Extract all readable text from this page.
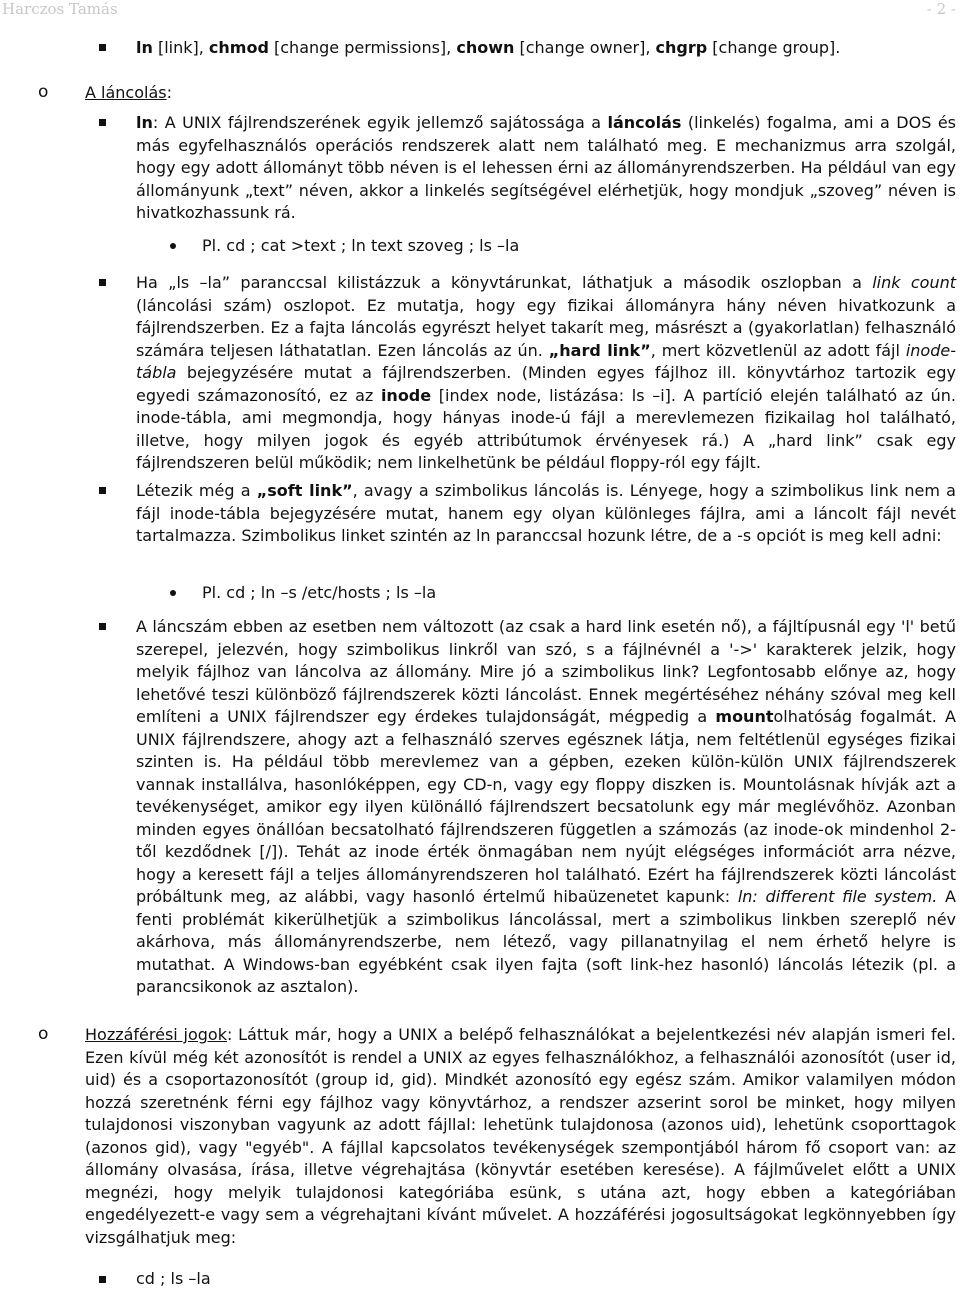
Harczos Tamás	- 2 -
ln [link], chmod [change permissions], chown [change owner], chgrp [change group].
o A láncolás:
ln: A UNIX fájlrendszerének egyik jellemző sajátossága a láncolás (linkelés) fogalma, ami a DOS és más egyfelhasználós operációs rendszerek alatt nem található meg. E mechanizmus arra szolgál, hogy egy adott állományt több néven is el lehessen érni az állományrendszerben. Ha például van egy állományunk „text” néven, akkor a linkelés segítségével elérhetjük, hogy mondjuk „szoveg” néven is hivatkozhassunk rá.
Pl. cd ; cat >text ; ln text szoveg ; ls –la
Ha „ls –la” paranccsal kilistázzuk a könyvtárunkat, láthatjuk a második oszlopban a link count (láncolási szám) oszlopot. Ez mutatja, hogy egy fizikai állományra hány néven hivatkozunk a fájlrendszerben. Ez a fajta láncolás egyrészt helyet takarít meg, másrészt a (gyakorlatlan) felhasználó számára teljesen láthatatlan. Ezen láncolás az ún. „hard link”, mert közvetlenül az adott fájl inode-tábla bejegyzésére mutat a fájlrendszerben. (Minden egyes fájlhoz ill. könyvtárhoz tartozik egy egyedi számazonosító, ez az inode [index node, listázása: ls –i]. A partíció elején található az ún. inode-tábla, ami megmondja, hogy hányas inode-ú fájl a merevlemezen fizikailag hol található, illetve, hogy milyen jogok és egyéb attribútumok érvényesek rá.) A „hard link” csak egy fájlrendszeren belül működik; nem linkelhetünk be például floppy-ról egy fájlt.
Létezik még a „soft link”, avagy a szimbolikus láncolás is. Lényege, hogy a szimbolikus link nem a fájl inode-tábla bejegyzésére mutat, hanem egy olyan különleges fájlra, ami a láncolt fájl nevét tartalmazza. Szimbolikus linket szintén az ln paranccsal hozunk létre, de a -s opciót is meg kell adni:
Pl. cd ; ln –s /etc/hosts ; ls –la
A láncszám ebben az esetben nem változott (az csak a hard link esetén nő), a fájltípusnál egy 'l' betű szerepel, jelezvén, hogy szimbolikus linkről van szó, s a fájlnévnél a '->' karakterek jelzik, hogy melyik fájlhoz van láncolva az állomány. Mire jó a szimbolikus link? Legfontosabb előnye az, hogy lehetővé teszi különböző fájlrendszerek közti láncolást. Ennek megértéséhez néhány szóval meg kell említeni a UNIX fájlrendszer egy érdekes tulajdonságát, mégpedig a mountolhatóság fogalmát. A UNIX fájlrendszere, ahogy azt a felhasználó szerves egésznek látja, nem feltétlenül egységes fizikai szinten is. Ha például több merevlemez van a gépben, ezeken külön-külön UNIX fájlrendszerek vannak installálva, hasonlóképpen, egy CD-n, vagy egy floppy diszken is. Mountolásnak hívják azt a tevékenységet, amikor egy ilyen különálló fájlrendszert becsatolunk egy már meglévőhöz. Azonban minden egyes önállóan becsatolható fájlrendszeren független a számozás (az inode-ok mindenhol 2-től kezdődnek [/]). Tehát az inode érték önmagában nem nyújt elégséges információt arra nézve, hogy a keresett fájl a teljes állományrendszeren hol található. Ezért ha fájlrendszerek közti láncolást próbáltunk meg, az alábbi, vagy hasonló értelmű hibaüzenetet kapunk: ln: different file system. A fenti problémát kikerülhetjük a szimbolikus láncolással, mert a szimbolikus linkben szereplő név akárhova, más állományrendszerbe, nem létező, vagy pillanatnyilag el nem érhető helyre is mutathat. A Windows-ban egyébként csak ilyen fajta (soft link-hez hasonló) láncolás létezik (pl. a parancsikonok az asztalon).
o Hozzáférési jogok: Láttuk már, hogy a UNIX a belépő felhasználókat a bejelentkezési név alapján ismeri fel. Ezen kívül még két azonosítót is rendel a UNIX az egyes felhasználókhoz, a felhasználói azonosítót (user id, uid) és a csoportazonosítót (group id, gid). Mindkét azonosító egy egész szám. Amikor valamilyen módon hozzá szeretnénk férni egy fájlhoz vagy könyvtárhoz, a rendszer azserint sorol be minket, hogy milyen tulajdonosi viszonyban vagyunk az adott fájllal: lehetünk tulajdonosa (azonos uid), lehetünk csoporttagok (azonos gid), vagy "egyéb". A fájllal kapcsolatos tevékenységek szempontjából három fő csoport van: az állomány olvasása, írása, illetve végrehajtása (könyvtár esetében keresése). A fájlművelet előtt a UNIX megnézi, hogy melyik tulajdonosi kategóriába esünk, s utána azt, hogy ebben a kategóriában engedélyezett-e vagy sem a végrehajtani kívánt művelet. A hozzáférési jogosultságokat legkönnyebben így vizsgálhatjuk meg:
cd ; ls –la
